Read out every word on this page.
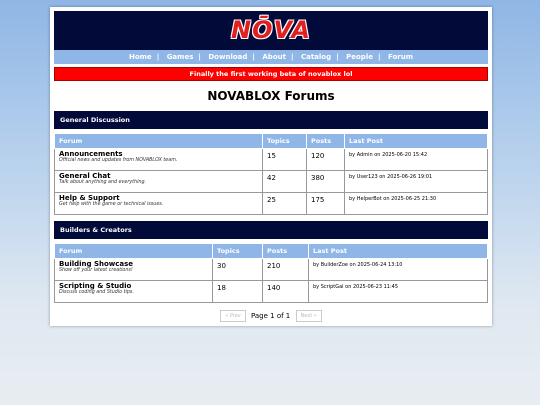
NŌVA
Home | Games | Download | About | Catalog | People | Forum
Finally the first working beta of novablox lol
NOVABLOX Forums
General Discussion
Forum	Topics	Posts	Last Post

Announcements
Official news and updates from NOVABLOX team.	15	120	by Admin on 2025-06-20 15:42

General Chat
Talk about anything and everything.	42	380	by User123 on 2025-06-26 19:01

Help & Support
Get help with the game or technical issues.	25	175	by HelperBot on 2025-06-25 21:30
Builders & Creators
Forum	Topics	Posts	Last Post

Building Showcase
Show off your latest creations!	30	210	by BuilderZoe on 2025-06-24 13:10

Scripting & Studio
Discuss coding and Studio tips.	18	140	by ScriptGal on 2025-06-23 11:45
« Prev Page 1 of 1 Next »
